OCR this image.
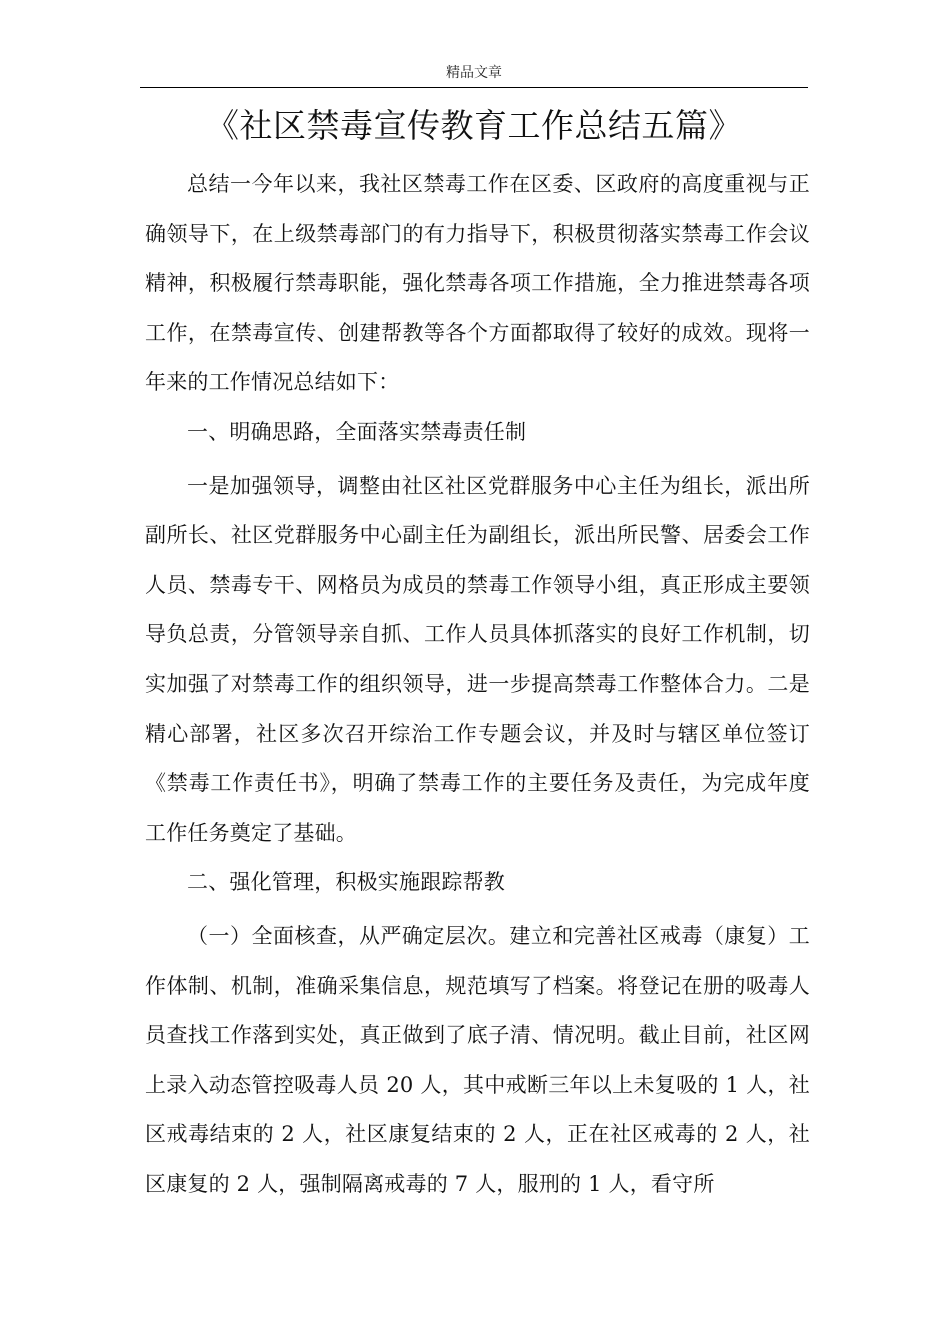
精品文章
《社区禁毒宣传教育工作总结五篇》

总结一今年以来，我社区禁毒工作在区委、区政府的高度重视与正确领导下，在上级禁毒部门的有力指导下，积极贯彻落实禁毒工作会议精神，积极履行禁毒职能，强化禁毒各项工作措施，全力推进禁毒各项工作，在禁毒宣传、创建帮教等各个方面都取得了较好的成效。现将一年来的工作情况总结如下：

一、明确思路，全面落实禁毒责任制

一是加强领导，调整由社区社区党群服务中心主任为组长，派出所副所长、社区党群服务中心副主任为副组长，派出所民警、居委会工作人员、禁毒专干、网格员为成员的禁毒工作领导小组，真正形成主要领导负总责，分管领导亲自抓、工作人员具体抓落实的良好工作机制，切实加强了对禁毒工作的组织领导，进一步提高禁毒工作整体合力。二是精心部署，社区多次召开综治工作专题会议，并及时与辖区单位签订《禁毒工作责任书》，明确了禁毒工作的主要任务及责任，为完成年度工作任务奠定了基础。

二、强化管理，积极实施跟踪帮教

（一）全面核查，从严确定层次。建立和完善社区戒毒（康复）工作体制、机制，准确采集信息，规范填写了档案。将登记在册的吸毒人员查找工作落到实处，真正做到了底子清、情况明。截止目前，社区网上录入动态管控吸毒人员 20 人，其中戒断三年以上未复吸的 1 人，社区戒毒结束的 2 人，社区康复结束的 2 人，正在社区戒毒的 2 人，社区康复的 2 人，强制隔离戒毒的 7 人，服刑的 1 人，看守所
